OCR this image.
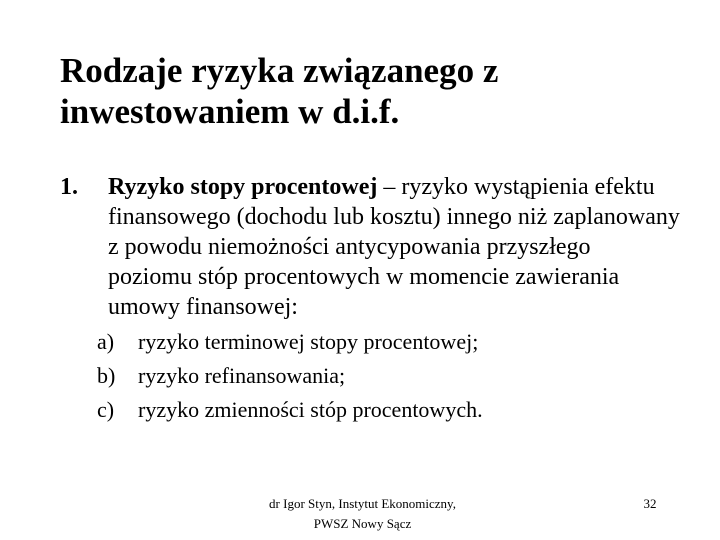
Rodzaje ryzyka związanego z inwestowaniem w d.i.f.
1. Ryzyko stopy procentowej – ryzyko wystąpienia efektu finansowego (dochodu lub kosztu) innego niż zaplanowany z powodu niemożności antycypowania przyszłego poziomu stóp procentowych w momencie zawierania umowy finansowej:
a) ryzyko terminowej stopy procentowej;
b) ryzyko refinansowania;
c) ryzyko zmienności stóp procentowych.
dr Igor Styn, Instytut Ekonomiczny,
PWSZ Nowy Sącz
32
